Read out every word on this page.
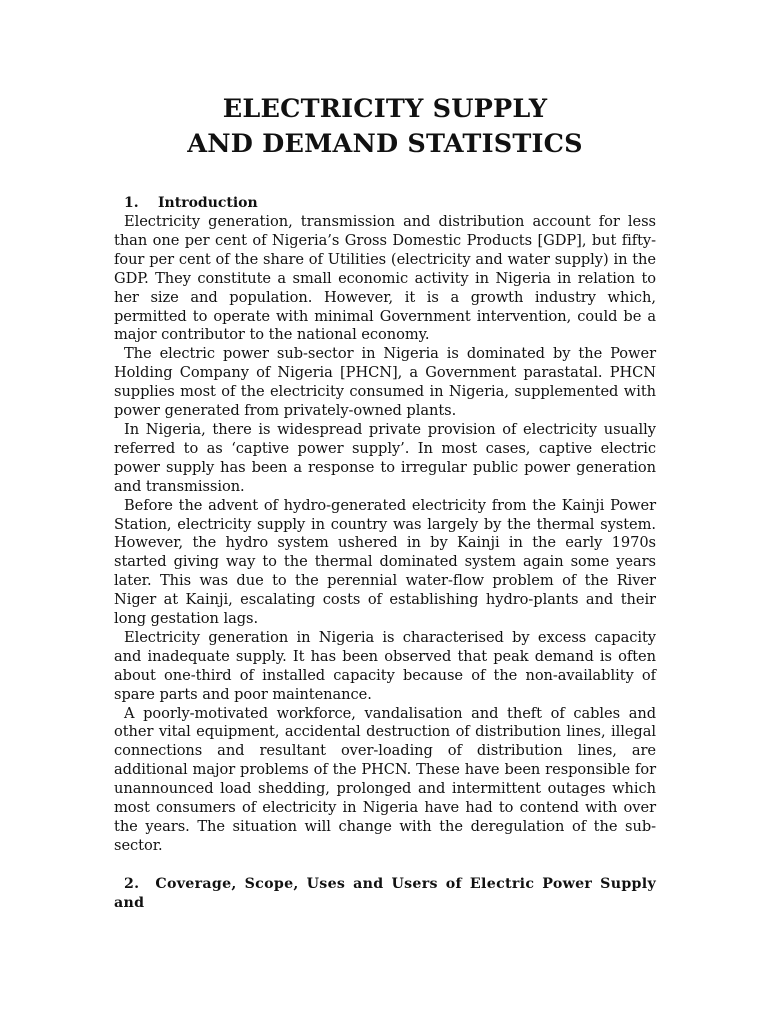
ELECTRICITY SUPPLY
AND DEMAND STATISTICS
1. Introduction

Electricity generation, transmission and distribution account for less than one per cent of Nigeria’s Gross Domestic Products [GDP], but fifty-four per cent of the share of Utilities (electricity and water supply) in the GDP. They constitute a small economic activity in Nigeria in relation to her size and population. However, it is a growth industry which, permitted to operate with minimal Government intervention, could be a major contributor to the national economy.

The electric power sub-sector in Nigeria is dominated by the Power Holding Company of Nigeria [PHCN], a Government parastatal. PHCN supplies most of the electricity consumed in Nigeria, supplemented with power generated from privately-owned plants.

In Nigeria, there is widespread private provision of electricity usually referred to as ‘captive power supply’. In most cases, captive electric power supply has been a response to irregular public power generation and transmission.

Before the advent of hydro-generated electricity from the Kainji Power Station, electricity supply in country was largely by the thermal system. However, the hydro system ushered in by Kainji in the early 1970s started giving way to the thermal dominated system again some years later. This was due to the perennial water-flow problem of the River Niger at Kainji, escalating costs of establishing hydro-plants and their long gestation lags.

Electricity generation in Nigeria is characterised by excess capacity and inadequate supply. It has been observed that peak demand is often about one-third of installed capacity because of the non-availablity of spare parts and poor maintenance.

A poorly-motivated workforce, vandalisation and theft of cables and other vital equipment, accidental destruction of distribution lines, illegal connections and resultant over-loading of distribution lines, are additional major problems of the PHCN. These have been responsible for unannounced load shedding, prolonged and intermittent outages which most consumers of electricity in Nigeria have had to contend with over the years. The situation will change with the deregulation of the sub-sector.

2. Coverage, Scope, Uses and Users of Electric Power Supply and
